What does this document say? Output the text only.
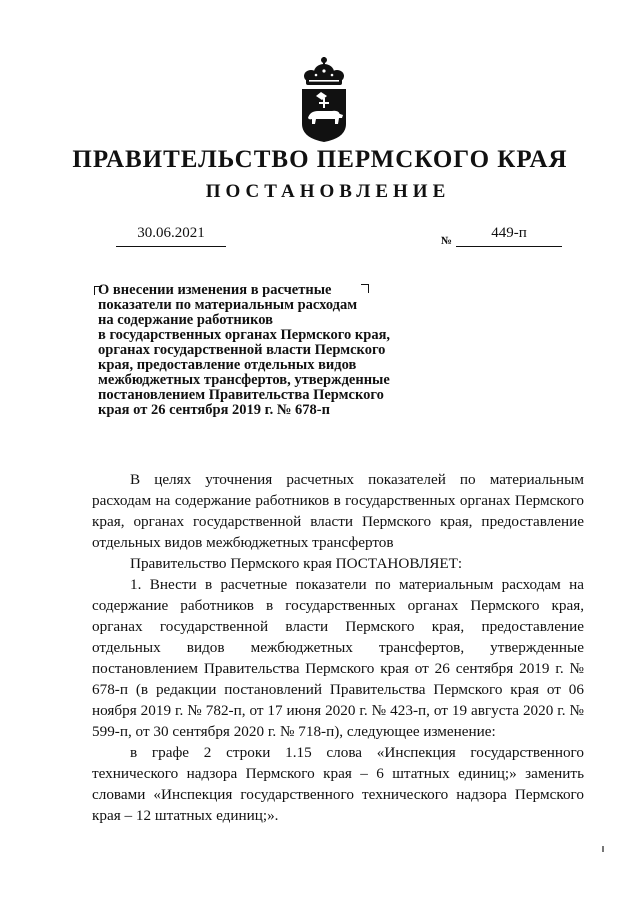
ПРАВИТЕЛЬСТВО ПЕРМСКОГО КРАЯ
ПОСТАНОВЛЕНИЕ
30.06.2021	№	449-п
О внесении изменения в расчетные
показатели по материальным расходам
на содержание работников
в государственных органах Пермского края,
органах государственной власти Пермского
края, предоставление отдельных видов
межбюджетных трансфертов, утвержденные
постановлением Правительства Пермского
края от 26 сентября 2019 г. № 678-п

В целях уточнения расчетных показателей по материальным расходам на содержание работников в государственных органах Пермского края, органах государственной власти Пермского края, предоставление отдельных видов межбюджетных трансфертов

Правительство Пермского края ПОСТАНОВЛЯЕТ:

1. Внести в расчетные показатели по материальным расходам на содержание работников в государственных органах Пермского края, органах государственной власти Пермского края, предоставление отдельных видов межбюджетных трансфертов, утвержденные постановлением Правительства Пермского края от 26 сентября 2019 г. № 678-п (в редакции постановлений Правительства Пермского края от 06 ноября 2019 г. № 782-п, от 17 июня 2020 г. № 423-п, от 19 августа 2020 г. № 599-п, от 30 сентября 2020 г. № 718-п), следующее изменение:

в графе 2 строки 1.15 слова «Инспекция государственного технического надзора Пермского края – 6 штатных единиц;» заменить словами «Инспекция государственного технического надзора Пермского края – 12 штатных единиц;».
